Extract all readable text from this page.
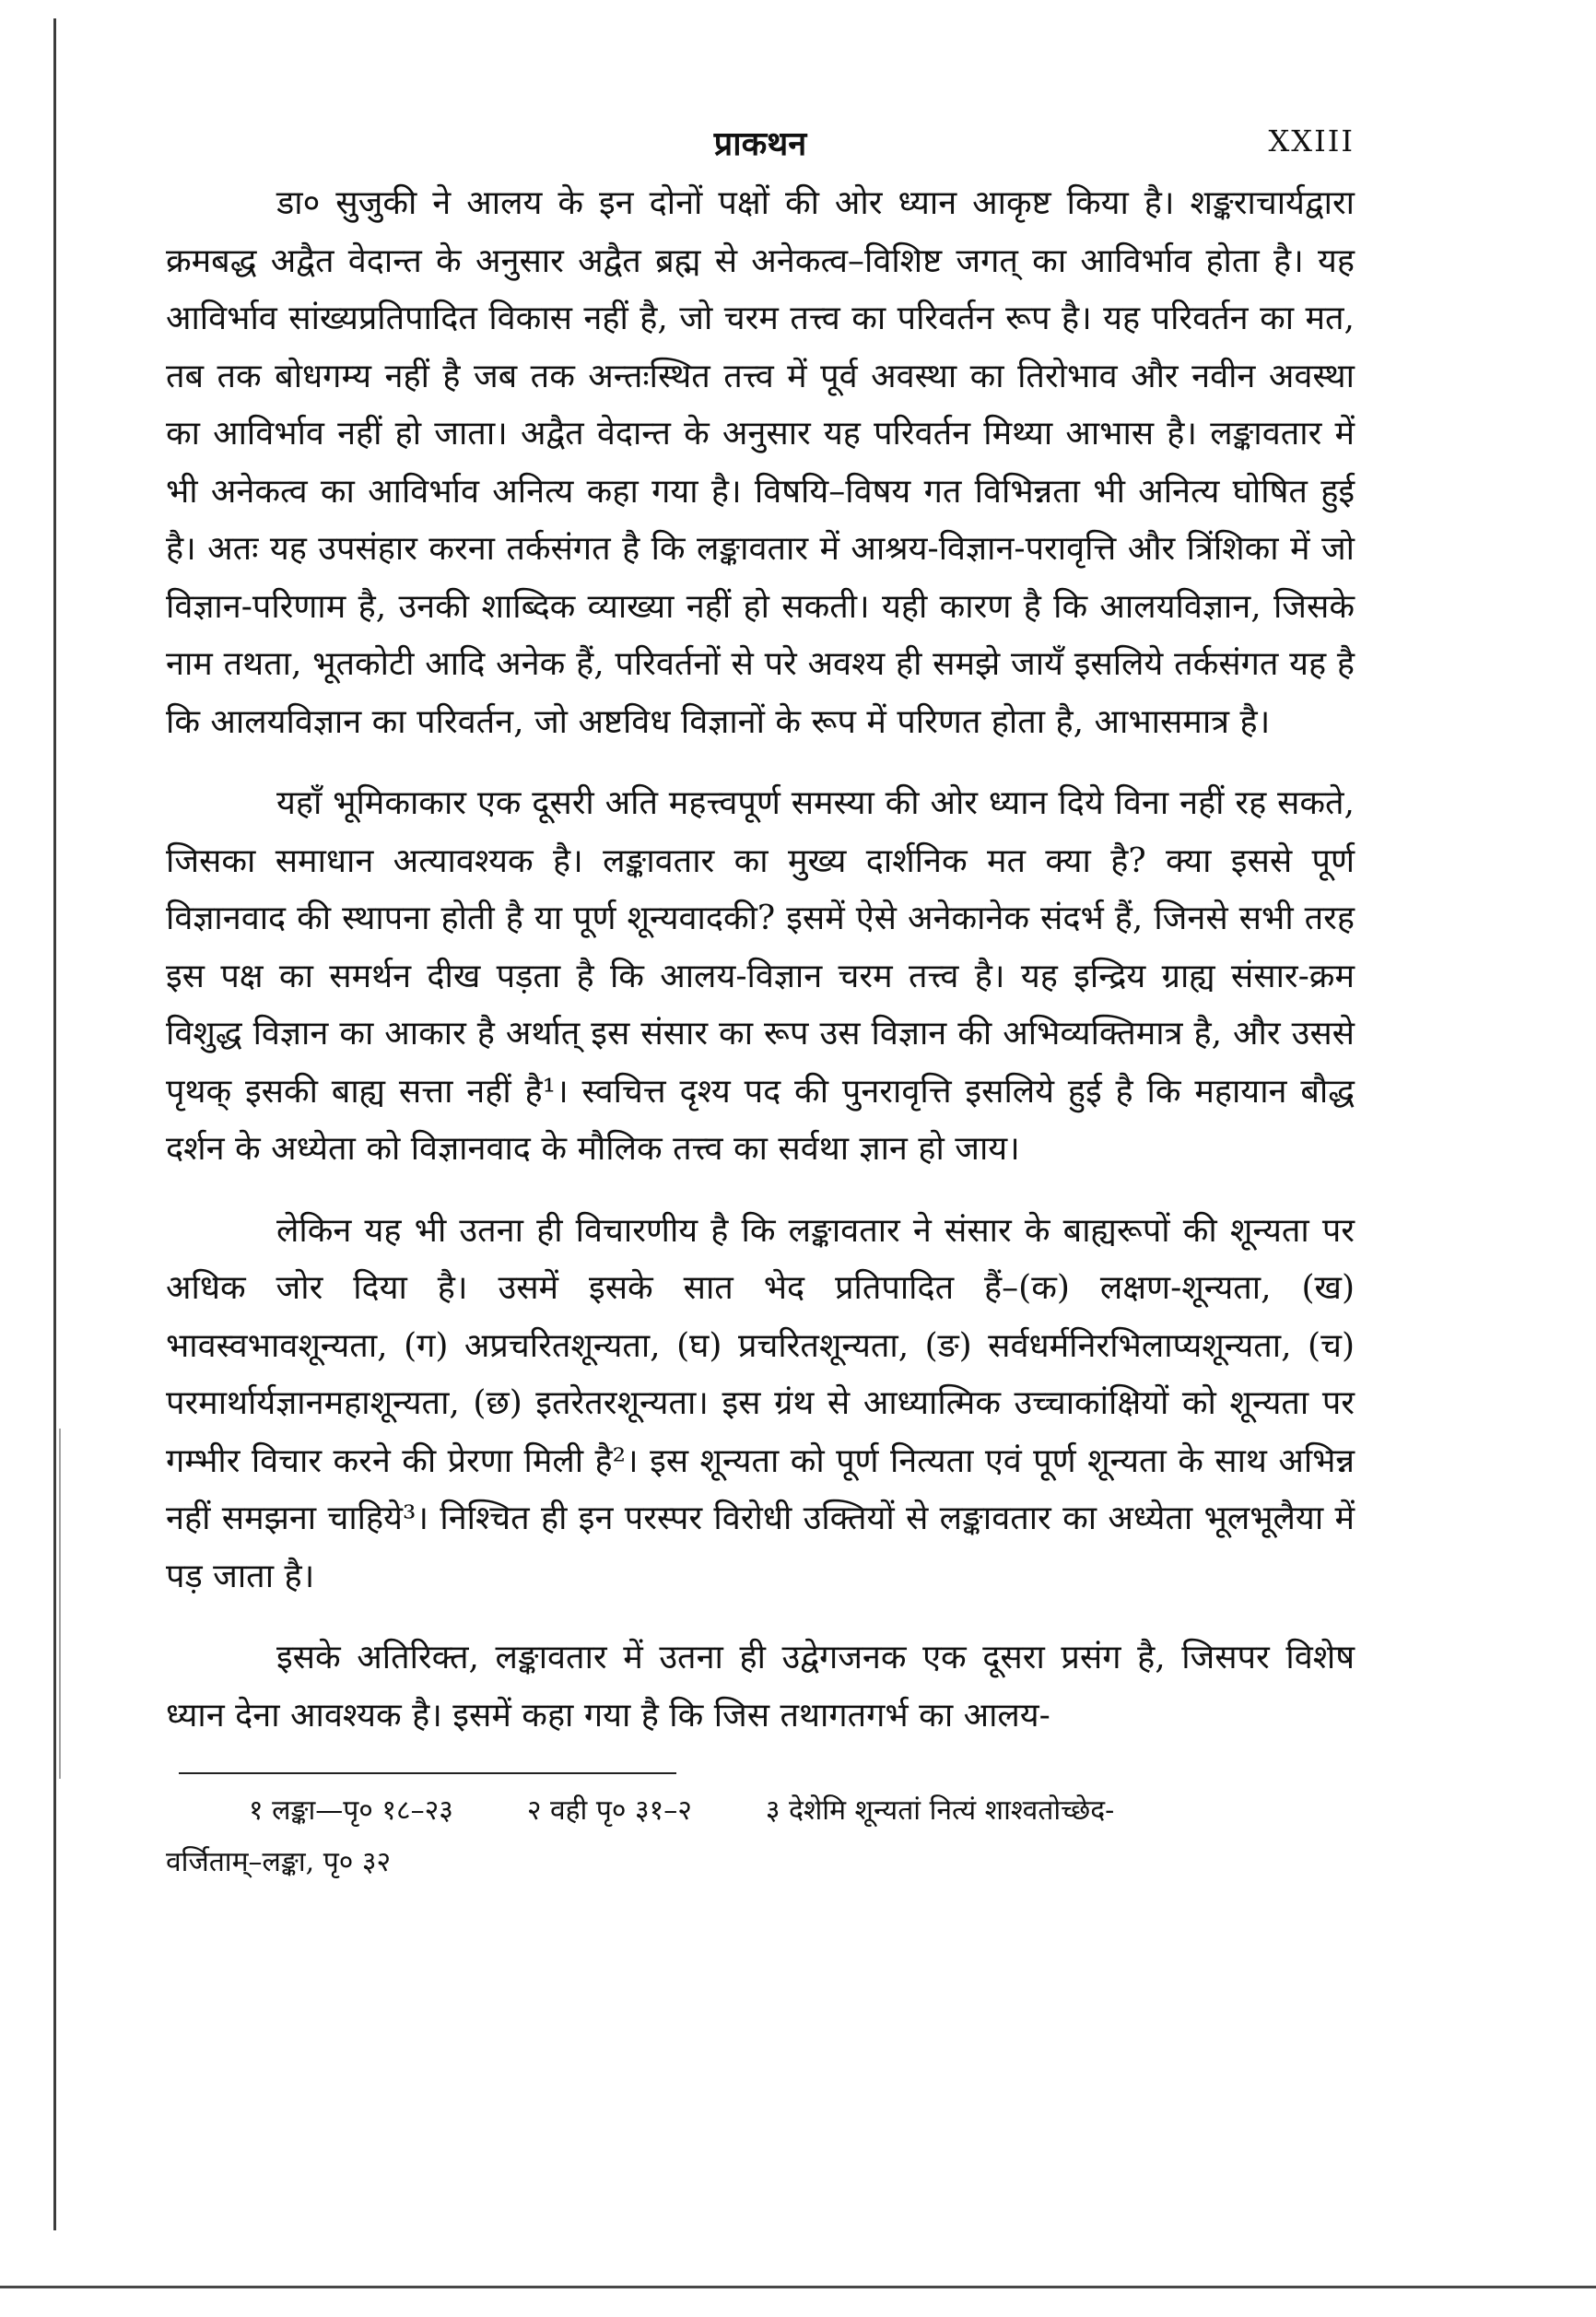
प्राकथन	XXIII

डा० सुजुकी ने आलय के इन दोनों पक्षों की ओर ध्यान आकृष्ट किया है। शङ्कराचार्यद्वारा क्रमबद्ध अद्वैत वेदान्त के अनुसार अद्वैत ब्रह्म से अनेकत्व–विशिष्ट जगत् का आविर्भाव होता है। यह आविर्भाव सांख्यप्रतिपादित विकास नहीं है, जो चरम तत्त्व का परिवर्तन रूप है। यह परिवर्तन का मत, तब तक बोधगम्य नहीं है जब तक अन्तःस्थित तत्त्व में पूर्व अवस्था का तिरोभाव और नवीन अवस्था का आविर्भाव नहीं हो जाता। अद्वैत वेदान्त के अनुसार यह परिवर्तन मिथ्या आभास है। लङ्कावतार में भी अनेकत्व का आविर्भाव अनित्य कहा गया है। विषयि–विषय गत विभिन्नता भी अनित्य घोषित हुई है। अतः यह उपसंहार करना तर्कसंगत है कि लङ्कावतार में आश्रय-विज्ञान-परावृत्ति और त्रिंशिका में जो विज्ञान-परिणाम है, उनकी शाब्दिक व्याख्या नहीं हो सकती। यही कारण है कि आलयविज्ञान, जिसके नाम तथता, भूतकोटी आदि अनेक हैं, परिवर्तनों से परे अवश्य ही समझे जायँ इसलिये तर्कसंगत यह है कि आलयविज्ञान का परिवर्तन, जो अष्टविध विज्ञानों के रूप में परिणत होता है, आभासमात्र है।

यहाँ भूमिकाकार एक दूसरी अति महत्त्वपूर्ण समस्या की ओर ध्यान दिये विना नहीं रह सकते, जिसका समाधान अत्यावश्यक है। लङ्कावतार का मुख्य दार्शनिक मत क्या है? क्या इससे पूर्ण विज्ञानवाद की स्थापना होती है या पूर्ण शून्यवादकी? इसमें ऐसे अनेकानेक संदर्भ हैं, जिनसे सभी तरह इस पक्ष का समर्थन दीख पड़ता है कि आलय-विज्ञान चरम तत्त्व है। यह इन्द्रिय ग्राह्य संसार-क्रम विशुद्ध विज्ञान का आकार है अर्थात् इस संसार का रूप उस विज्ञान की अभिव्यक्तिमात्र है, और उससे पृथक् इसकी बाह्य सत्ता नहीं है¹। स्वचित्त दृश्य पद की पुनरावृत्ति इसलिये हुई है कि महायान बौद्ध दर्शन के अध्येता को विज्ञानवाद के मौलिक तत्त्व का सर्वथा ज्ञान हो जाय।

लेकिन यह भी उतना ही विचारणीय है कि लङ्कावतार ने संसार के बाह्यरूपों की शून्यता पर अधिक जोर दिया है। उसमें इसके सात भेद प्रतिपादित हैं–(क) लक्षण-शून्यता, (ख) भावस्वभावशून्यता, (ग) अप्रचरितशून्यता, (घ) प्रचरितशून्यता, (ङ) सर्वधर्मनिरभिलाप्यशून्यता, (च) परमार्थार्यज्ञानमहाशून्यता, (छ) इतरेतरशून्यता। इस ग्रंथ से आध्यात्मिक उच्चाकांक्षियों को शून्यता पर गम्भीर विचार करने की प्रेरणा मिली है²। इस शून्यता को पूर्ण नित्यता एवं पूर्ण शून्यता के साथ अभिन्न नहीं समझना चाहिये³। निश्चित ही इन परस्पर विरोधी उक्तियों से लङ्कावतार का अध्येता भूलभूलैया में पड़ जाता है।

इसके अतिरिक्त, लङ्कावतार में उतना ही उद्वेगजनक एक दूसरा प्रसंग है, जिसपर विशेष ध्यान देना आवश्यक है। इसमें कहा गया है कि जिस तथागतगर्भ का आलय-

१ लङ्का—पृ० १८–२३	२ वही पृ० ३१–२	३ देशेमि शून्यतां नित्यं शाश्वतोच्छेद-
वर्जिताम्–लङ्का, पृ० ३२
